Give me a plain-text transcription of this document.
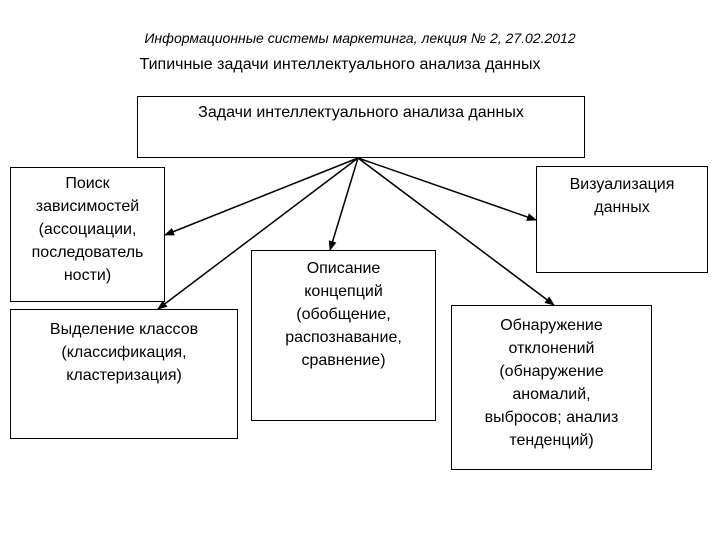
Информационные системы маркетинга, лекция № 2, 27.02.2012
Типичные задачи интеллектуального анализа данных
Задачи интеллектуального анализа данных
Поиск
зависимостей
(ассоциации,
последователь
ности)
Выделение классов
(классификация,
кластеризация)
Описание
концепций
(обобщение,
распознавание,
сравнение)
Визуализация
данных
Обнаружение
отклонений
(обнаружение
аномалий,
выбросов; анализ
тенденций)
